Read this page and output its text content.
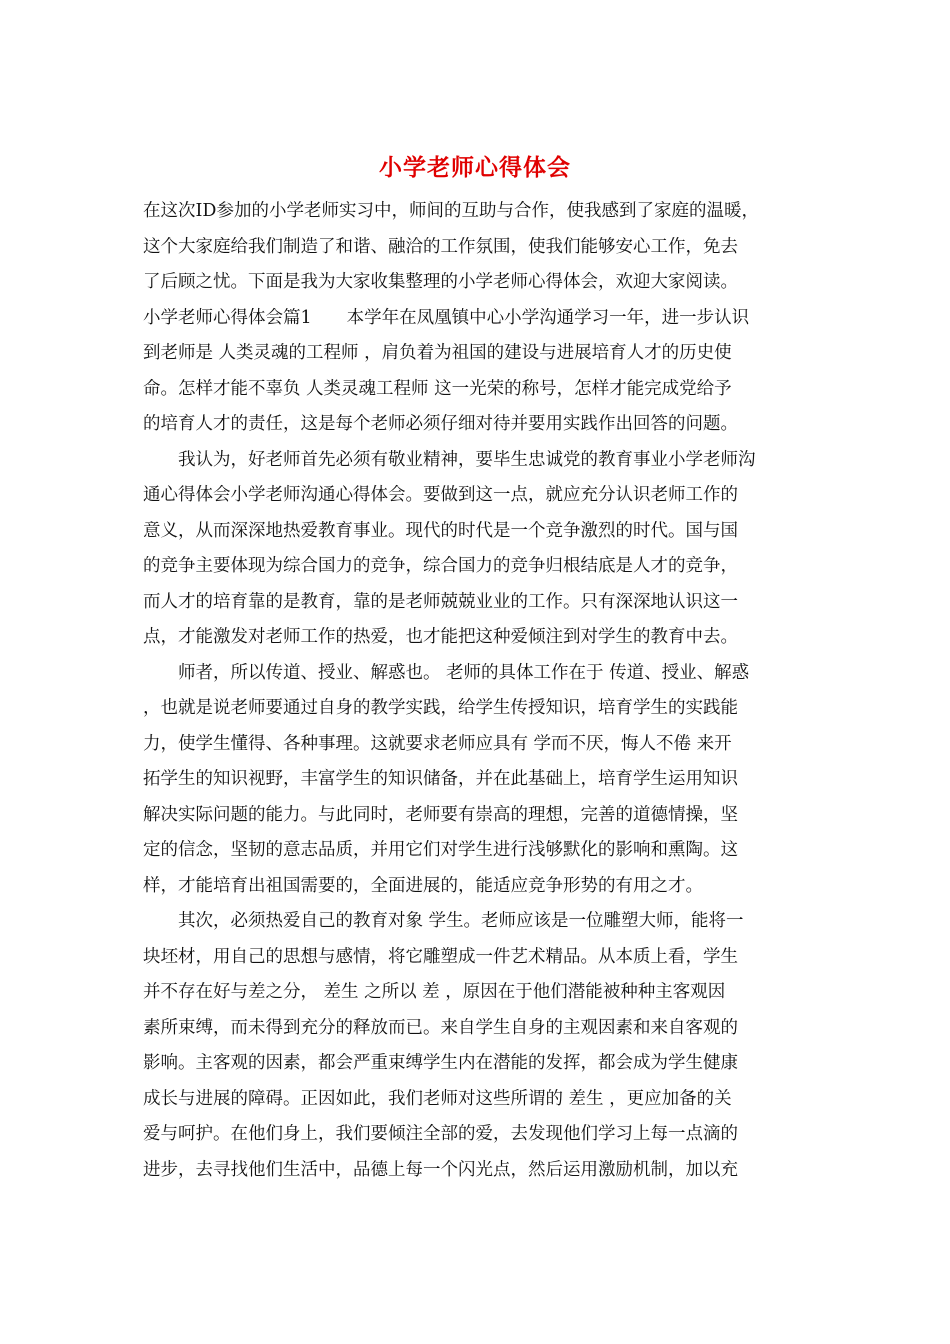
小学老师心得体会
在这次ID参加的小学老师实习中，师间的互助与合作，使我感到了家庭的温暖，
这个大家庭给我们制造了和谐、融洽的工作氛围，使我们能够安心工作，免去
了后顾之忧。下面是我为大家收集整理的小学老师心得体会，欢迎大家阅读。
小学老师心得体会篇1　　本学年在凤凰镇中心小学沟通学习一年，进一步认识
到老师是 人类灵魂的工程师 ，肩负着为祖国的建设与进展培育人才的历史使
命。怎样才能不辜负 人类灵魂工程师 这一光荣的称号，怎样才能完成党给予
的培育人才的责任，这是每个老师必须仔细对待并要用实践作出回答的问题。
我认为，好老师首先必须有敬业精神，要毕生忠诚党的教育事业小学老师沟
通心得体会小学老师沟通心得体会。要做到这一点，就应充分认识老师工作的
意义，从而深深地热爱教育事业。现代的时代是一个竞争激烈的时代。国与国
的竞争主要体现为综合国力的竞争，综合国力的竞争归根结底是人才的竞争，
而人才的培育靠的是教育，靠的是老师兢兢业业的工作。只有深深地认识这一
点，才能激发对老师工作的热爱，也才能把这种爱倾注到对学生的教育中去。
师者，所以传道、授业、解惑也。 老师的具体工作在于 传道、授业、解惑
，也就是说老师要通过自身的教学实践，给学生传授知识，培育学生的实践能
力，使学生懂得、各种事理。这就要求老师应具有 学而不厌，悔人不倦 来开
拓学生的知识视野，丰富学生的知识储备，并在此基础上，培育学生运用知识
解决实际问题的能力。与此同时，老师要有崇高的理想，完善的道德情操，坚
定的信念，坚韧的意志品质，并用它们对学生进行浅够默化的影响和熏陶。这
样，才能培育出祖国需要的，全面进展的，能适应竞争形势的有用之才。
其次，必须热爱自己的教育对象 学生。老师应该是一位雕塑大师，能将一
块坯材，用自己的思想与感情，将它雕塑成一件艺术精品。从本质上看，学生
并不存在好与差之分， 差生 之所以 差 ，原因在于他们潜能被种种主客观因
素所束缚，而未得到充分的释放而已。来自学生自身的主观因素和来自客观的
影响。主客观的因素，都会严重束缚学生内在潜能的发挥，都会成为学生健康
成长与进展的障碍。正因如此，我们老师对这些所谓的 差生 ，更应加备的关
爱与呵护。在他们身上，我们要倾注全部的爱，去发现他们学习上每一点滴的
进步，去寻找他们生活中，品德上每一个闪光点，然后运用激励机制，加以充
